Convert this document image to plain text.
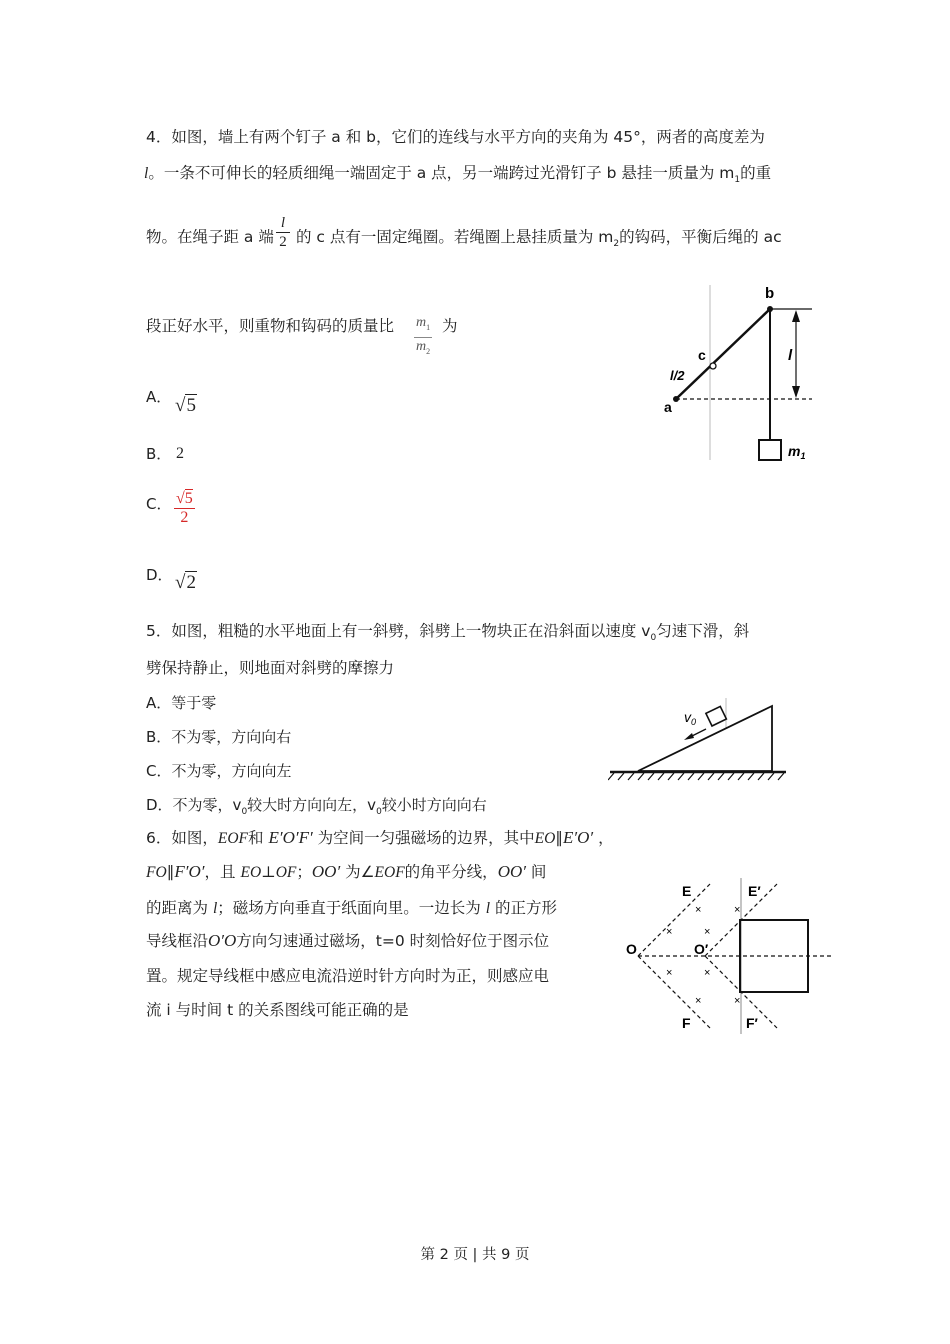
4．如图，墙上有两个钉子 a 和 b，它们的连线与水平方向的夹角为 45°，两者的高度差为
l。一条不可伸长的轻质细绳一端固定于 a 点，另一端跨过光滑钉子 b 悬挂一质量为 $m_1$的重
物。在绳子距 a 端
l
2 的 c 点有一固定绳圈。若绳圈上悬挂质量为 $m_2$的钩码，平衡后绳的 ac
段正好水平，则重物和钩码的质量比 $\frac{m_1}{m_2}$ 为
A． √5
B． 2
C． $\frac{√5}{2}$
D． √2
b
c
a
l/2
l
$m_1$
5．如图，粗糙的水平地面上有一斜劈，斜劈上一物块正在沿斜面以速度 $v_0$匀速下滑，斜
劈保持静止，则地面对斜劈的摩擦力
A．等于零
B．不为零，方向向右
C．不为零，方向向左
D．不为零，$v_0$较大时方向向左，$v_0$较小时方向向右
$v_0$
6．如图，EOF和 E′O′F′ 为空间一匀强磁场的边界，其中EO∥E′O′ ，
FO∥F′O′，且 EO⊥OF；OO′ 为∠EOF的角平分线，OO′ 间
的距离为 l；磁场方向垂直于纸面向里。一边长为 l 的正方形
导线框沿O′O方向匀速通过磁场，t=0 时刻恰好位于图示位
置。规定导线框中感应电流沿逆时针方向时为正，则感应电
流 i 与时间 t 的关系图线可能正确的是
E	E′
O	O′
F	F′
×	×
×	×
×	×
×	×
第 2 页 | 共 9 页
